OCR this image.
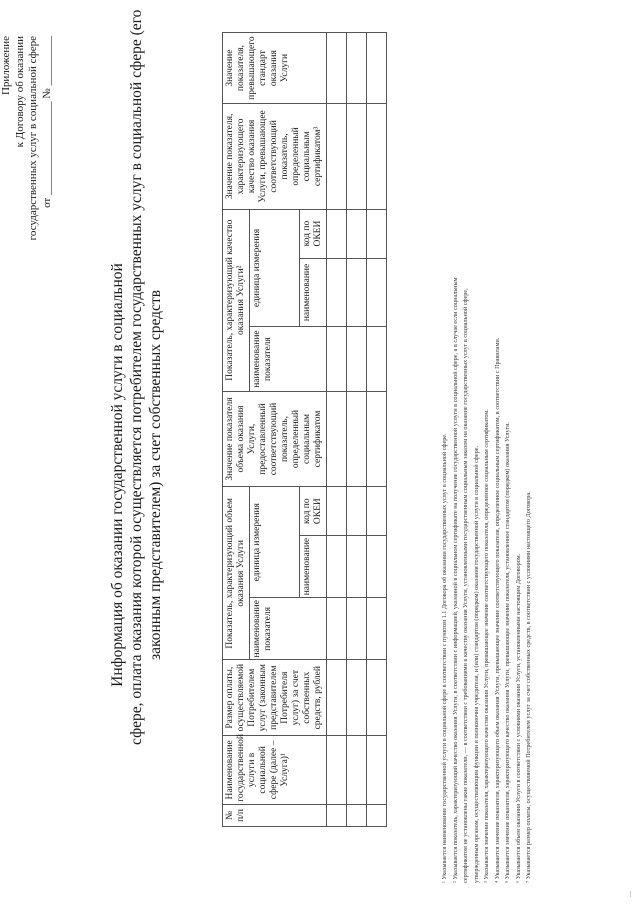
Приложение к Договору об оказании государственных услуг в социальной сфере от _________________ № _________
Информация об оказании государственной услуги в социальной сфере, оплата оказания которой осуществляется потребителем государственных услуг в социальной сфере (его законным представителем) за счет собственных средств
№ п/п	Наименование государственной услуги в социальной сфере (далее – Услуга)¹	Размер оплаты, осуществляемой Потребителем услуг (законным представителем Потребителя услуг) за счет собственных средств, рублей	Показатель, характеризующий объем оказания Услуги			Значение показателя объема оказания Услуги, предоставленный соответствующий показатель, определенный социальным сертификатом	Показатель, характеризующий качество оказания Услуги²			Значение показателя, характеризующего качество оказания Услуги, превышающее соответствующий показатель, определенный социальным сертификатом³	Значение показателя, превышающего стандарт оказания Услуги
			наименование показателя	единица измерения			наименование показателя	единица измерения			
				наименование	код по ОКЕИ			наименование	код по ОКЕИ		

¹ Указывается наименование государственной услуги в социальной сфере в соответствии с пунктом 1.1 Договора об оказании государственных услуг в социальной сфере. ² Указывается показатель, характеризующий качество оказания Услуги, в соответствии с информацией, указанной в социальном сертификате на получение государственной услуги в социальной сфере, а в случае если социальным сертификатом не установлены такие показатели, — в соответствии с требованиями к качеству оказания Услуги, установленными государственным социальным заказом на оказание государственных услуг в социальной сфере, утвержденным органом, осуществляющим функции и полномочия учредителя, и (или) стандартом (порядком) оказания государственной услуги в социальной сфере. ³ Указывается значение показателя, характеризующего качество оказания Услуги, превышающее значение соответствующего показателя, определенное социальным сертификатом. ⁴ Указывается значение показателя, характеризующего объем оказания Услуги, превышающее значение соответствующего показателя, определенное социальным сертификатом, в соответствии с Правилами. ⁵ Указывается значение показателя, характеризующего качество оказания Услуги, превышающее значение показателя, установленное стандартом (порядком) оказания Услуги. ⁶ Указывается объем оказания Услуги в соответствии с условиями оказания Услуги, установленными настоящим Договором. ⁷ Указывается размер оплаты, осуществляемой Потребителем услуг за счет собственных средств, в соответствии с условиями настоящего Договора.
—
